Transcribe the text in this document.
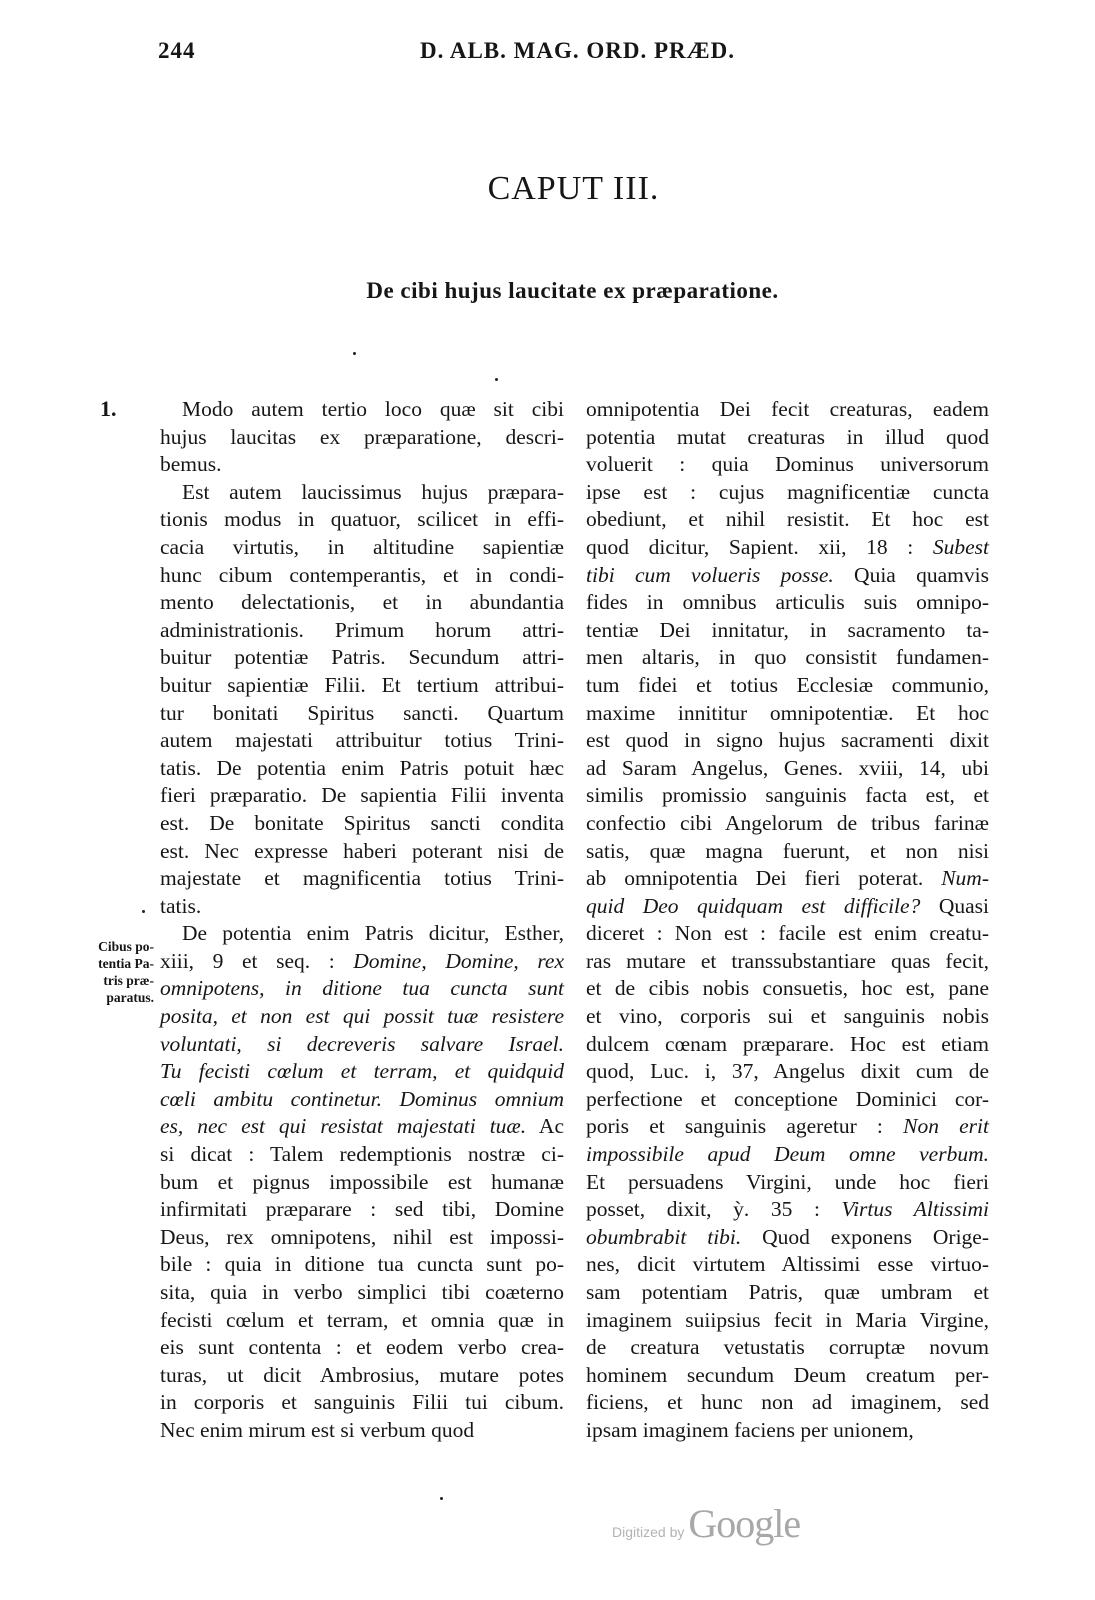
244	D. ALB. MAG. ORD. PRÆD.
CAPUT III.
De cibi hujus laucitate ex præparatione.
1.
Cibus po-
tentia Pa-
tris præ-
paratus.
Modo autem tertio loco quæ sit cibi
hujus laucitas ex præparatione, descri-
bemus.
Est autem laucissimus hujus præpara-
tionis modus in quatuor, scilicet in effi-
cacia virtutis, in altitudine sapientiæ
hunc cibum contemperantis, et in condi-
mento delectationis, et in abundantia
administrationis. Primum horum attri-
buitur potentiæ Patris. Secundum attri-
buitur sapientiæ Filii. Et tertium attribui-
tur bonitati Spiritus sancti. Quartum
autem majestati attribuitur totius Trini-
tatis. De potentia enim Patris potuit hæc
fieri præparatio. De sapientia Filii inventa
est. De bonitate Spiritus sancti condita
est. Nec expresse haberi poterant nisi de
majestate et magnificentia totius Trini-
tatis.
De potentia enim Patris dicitur, Esther,
xiii, 9 et seq. : Domine, Domine, rex
omnipotens, in ditione tua cuncta sunt
posita, et non est qui possit tuæ resistere
voluntati, si decreveris salvare Israel.
Tu fecisti cœlum et terram, et quidquid
cœli ambitu continetur. Dominus omnium
es, nec est qui resistat majestati tuæ. Ac
si dicat : Talem redemptionis nostræ ci-
bum et pignus impossibile est humanæ
infirmitati præparare : sed tibi, Domine
Deus, rex omnipotens, nihil est impossi-
bile : quia in ditione tua cuncta sunt po-
sita, quia in verbo simplici tibi coæterno
fecisti cœlum et terram, et omnia quæ in
eis sunt contenta : et eodem verbo crea-
turas, ut dicit Ambrosius, mutare potes
in corporis et sanguinis Filii tui cibum.
Nec enim mirum est si verbum quod
omnipotentia Dei fecit creaturas, eadem
potentia mutat creaturas in illud quod
voluerit : quia Dominus universorum
ipse est : cujus magnificentiæ cuncta
obediunt, et nihil resistit. Et hoc est
quod dicitur, Sapient. xii, 18 : Subest
tibi cum volueris posse. Quia quamvis
fides in omnibus articulis suis omnipo-
tentiæ Dei innitatur, in sacramento ta-
men altaris, in quo consistit fundamen-
tum fidei et totius Ecclesiæ communio,
maxime innititur omnipotentiæ. Et hoc
est quod in signo hujus sacramenti dixit
ad Saram Angelus, Genes. xviii, 14, ubi
similis promissio sanguinis facta est, et
confectio cibi Angelorum de tribus farinæ
satis, quæ magna fuerunt, et non nisi
ab omnipotentia Dei fieri poterat. Num-
quid Deo quidquam est difficile? Quasi
diceret : Non est : facile est enim creatu-
ras mutare et transsubstantiare quas fecit,
et de cibis nobis consuetis, hoc est, pane
et vino, corporis sui et sanguinis nobis
dulcem cœnam præparare. Hoc est etiam
quod, Luc. i, 37, Angelus dixit cum de
perfectione et conceptione Dominici cor-
poris et sanguinis ageretur : Non erit
impossibile apud Deum omne verbum.
Et persuadens Virgini, unde hoc fieri
posset, dixit, ỳ. 35 : Virtus Altissimi
obumbrabit tibi. Quod exponens Orige-
nes, dicit virtutem Altissimi esse virtuo-
sam potentiam Patris, quæ umbram et
imaginem suiipsius fecit in Maria Virgine,
de creatura vetustatis corruptæ novum
hominem secundum Deum creatum per-
ficiens, et hunc non ad imaginem, sed
ipsam imaginem faciens per unionem,
Digitized by Google
